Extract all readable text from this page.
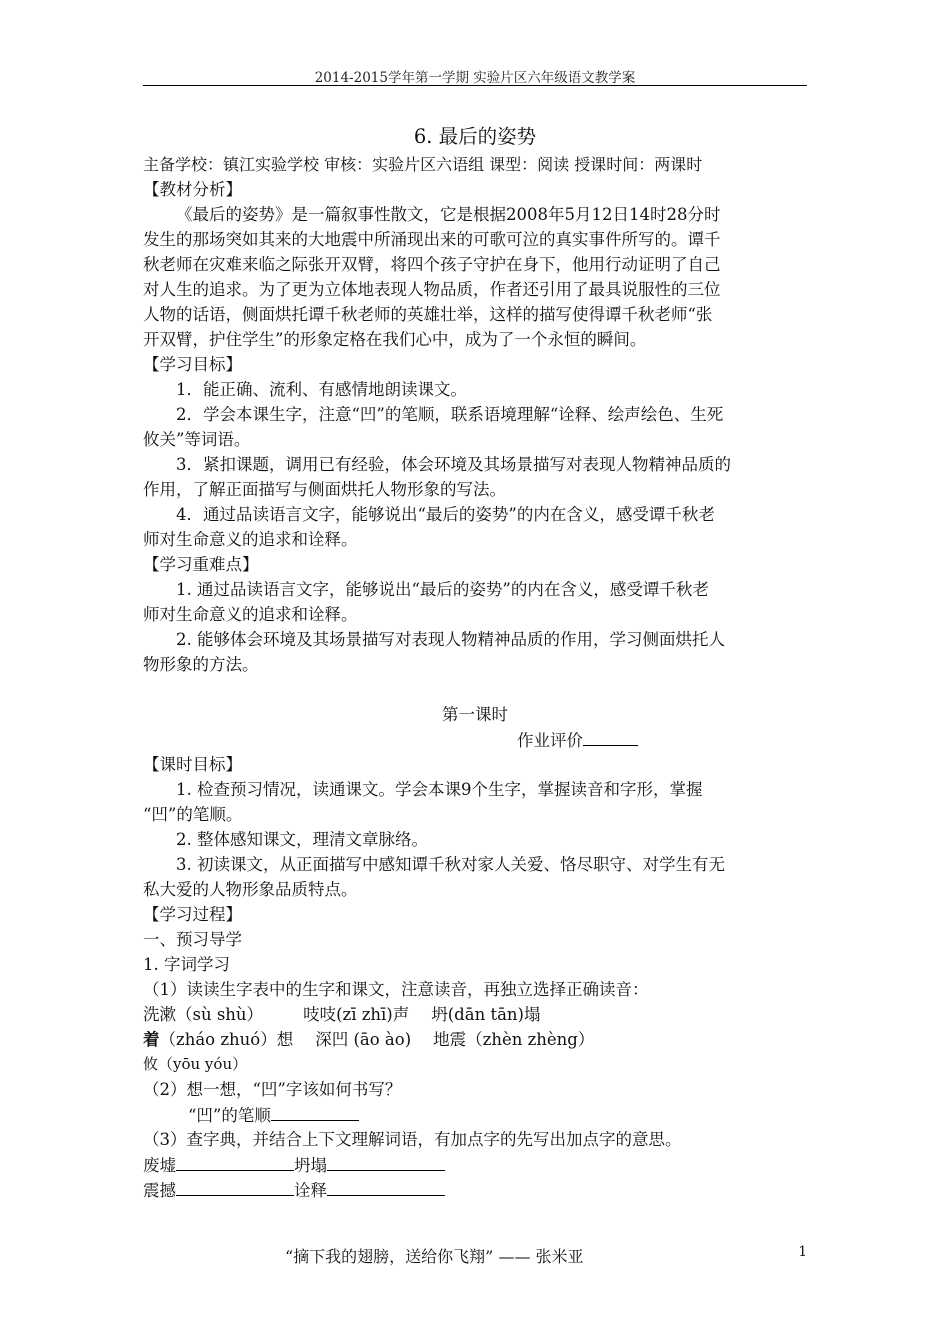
2014-2015学年第一学期 实验片区六年级语文教学案
6. 最后的姿势
主备学校：镇江实验学校 审核：实验片区六语组 课型：阅读 授课时间：两课时
【教材分析】
《最后的姿势》是一篇叙事性散文，它是根据2008年5月12日14时28分时
发生的那场突如其来的大地震中所涌现出来的可歌可泣的真实事件所写的。谭千
秋老师在灾难来临之际张开双臂，将四个孩子守护在身下，他用行动证明了自己
对人生的追求。为了更为立体地表现人物品质，作者还引用了最具说服性的三位
人物的话语，侧面烘托谭千秋老师的英雄壮举，这样的描写使得谭千秋老师“张
开双臂，护住学生”的形象定格在我们心中，成为了一个永恒的瞬间。
【学习目标】
1．能正确、流利、有感情地朗读课文。
2．学会本课生字，注意“凹”的笔顺，联系语境理解“诠释、绘声绘色、生死
攸关”等词语。
3．紧扣课题，调用已有经验，体会环境及其场景描写对表现人物精神品质的
作用，了解正面描写与侧面烘托人物形象的写法。
4．通过品读语言文字，能够说出“最后的姿势”的内在含义，感受谭千秋老
师对生命意义的追求和诠释。
【学习重难点】
1. 通过品读语言文字，能够说出“最后的姿势”的内在含义，感受谭千秋老
师对生命意义的追求和诠释。
2. 能够体会环境及其场景描写对表现人物精神品质的作用，学习侧面烘托人
物形象的方法。
第一课时
作业评价
【课时目标】
1. 检查预习情况，读通课文。学会本课9个生字，掌握读音和字形，掌握
“凹”的笔顺。
2. 整体感知课文，理清文章脉络。
3. 初读课文，从正面描写中感知谭千秋对家人关爱、恪尽职守、对学生有无
私大爱的人物形象品质特点。
【学习过程】
一、预习导学
1. 字词学习
（1）读读生字表中的生字和课文，注意读音，再独立选择正确读音：
洗漱（sù shù） 吱吱(zī zhī)声 坍(dān tān)塌
着（zháo zhuó）想 深凹 (āo ào) 地震（zhèn zhèng）
攸（yōu yóu）
（2）想一想，“凹”字该如何书写？
“凹”的笔顺
（3）查字典，并结合上下文理解词语，有加点字的先写出加点字的意思。
废墟	坍塌
震撼	诠释
“摘下我的翅膀，送给你飞翔” —— 张米亚	1
